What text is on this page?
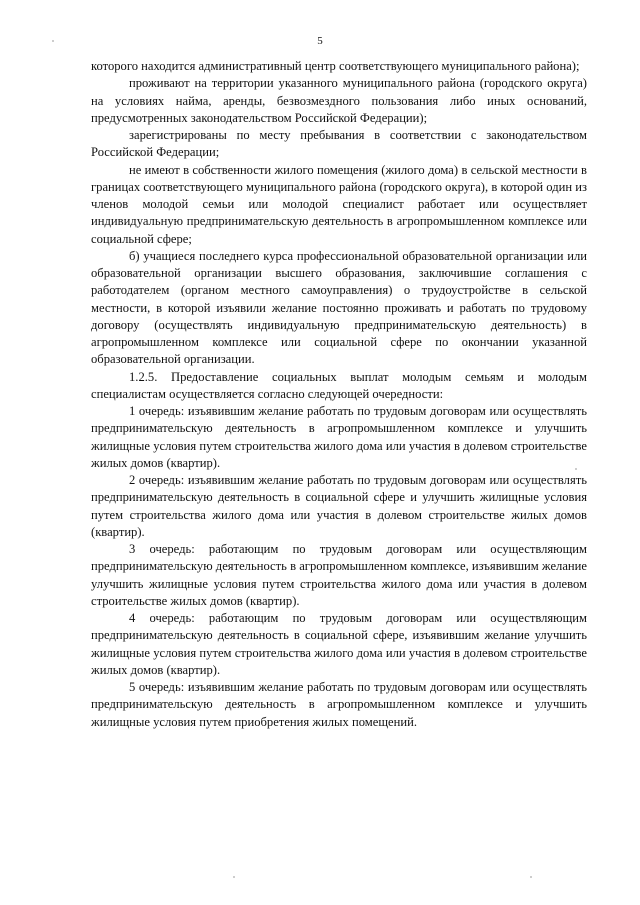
5

которого находится административный центр соответствующего муниципального района);

проживают на территории указанного муниципального района (городского округа) на условиях найма, аренды, безвозмездного пользования либо иных оснований, предусмотренных законодательством Российской Федерации);

зарегистрированы по месту пребывания в соответствии с законодательством Российской Федерации;

не имеют в собственности жилого помещения (жилого дома) в сельской местности в границах соответствующего муниципального района (городского округа), в которой один из членов молодой семьи или молодой специалист работает или осуществляет индивидуальную предпринимательскую деятельность в агропромышленном комплексе или социальной сфере;

б) учащиеся последнего курса профессиональной образовательной организации или образовательной организации высшего образования, заключившие соглашения с работодателем (органом местного самоуправления) о трудоустройстве в сельской местности, в которой изъявили желание постоянно проживать и работать по трудовому договору (осуществлять индивидуальную предпринимательскую деятельность) в агропромышленном комплексе или социальной сфере по окончании указанной образовательной организации.

1.2.5. Предоставление социальных выплат молодым семьям и молодым специалистам осуществляется согласно следующей очередности:

1 очередь: изъявившим желание работать по трудовым договорам или осуществлять предпринимательскую деятельность в агропромышленном комплексе и улучшить жилищные условия путем строительства жилого дома или участия в долевом строительстве жилых домов (квартир).

2 очередь: изъявившим желание работать по трудовым договорам или осуществлять предпринимательскую деятельность в социальной сфере и улучшить жилищные условия путем строительства жилого дома или участия в долевом строительстве жилых домов (квартир).

3 очередь: работающим по трудовым договорам или осуществляющим предпринимательскую деятельность в агропромышленном комплексе, изъявившим желание улучшить жилищные условия путем строительства жилого дома или участия в долевом строительстве жилых домов (квартир).

4 очередь: работающим по трудовым договорам или осуществляющим предпринимательскую деятельность в социальной сфере, изъявившим желание улучшить жилищные условия путем строительства жилого дома или участия в долевом строительстве жилых домов (квартир).

5 очередь: изъявившим желание работать по трудовым договорам или осуществлять предпринимательскую деятельность в агропромышленном комплексе и улучшить жилищные условия путем приобретения жилых помещений.
